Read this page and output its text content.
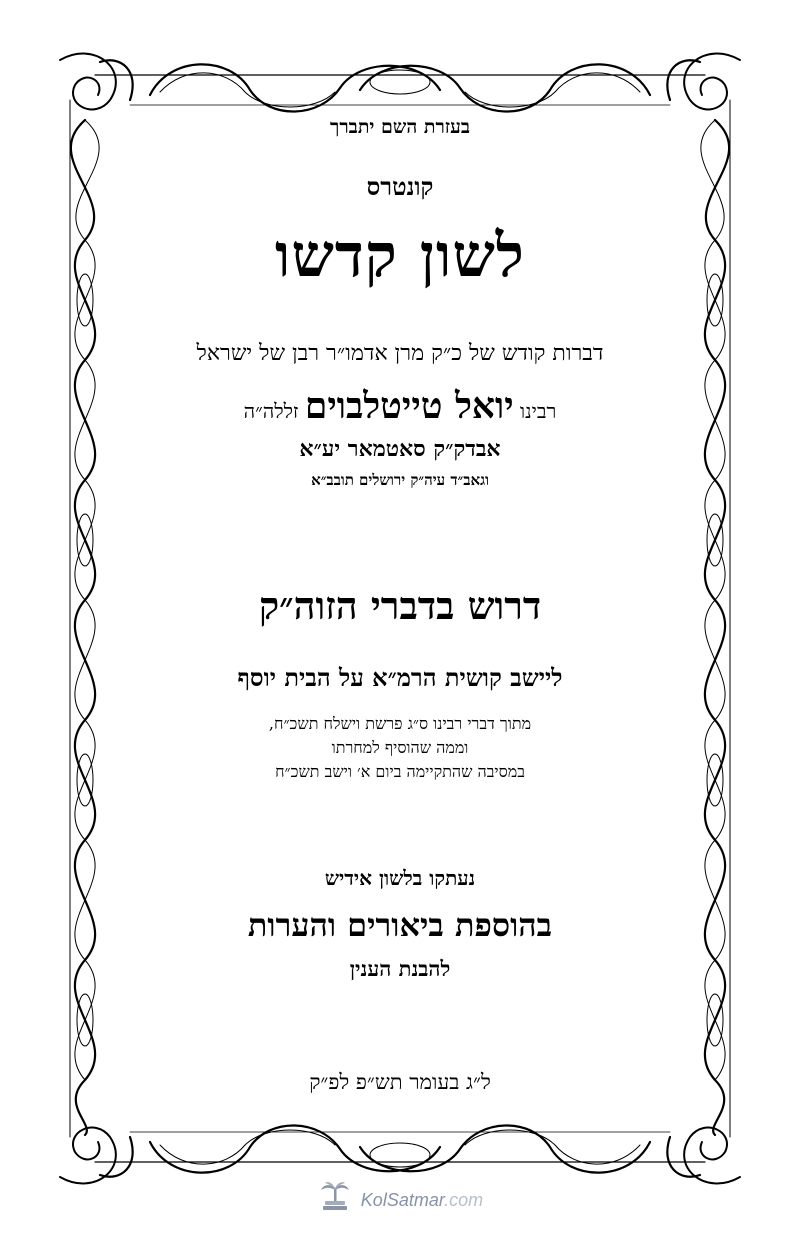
בעזרת השם יתברך
קונטרס
לשון קדשו
דברות קודש של כ״ק מרן אדמו״ר רבן של ישראל
רבינו יואל טייטלבוים זללה״ה
אבדק״ק סאטמאר יע״א
וגאב״ד עיה״ק ירושלים תובב״א
דרוש בדברי הזוה״ק
ליישב קושית הרמ״א על הבית יוסף
מתוך דברי רבינו ס״ג פרשת וישלח תשכ״ח,
וממה שהוסיף למחרתו
במסיבה שהתקיימה ביום א׳ וישב תשכ״ח
נעתקו בלשון אידיש
בהוספת ביאורים והערות
להבנת הענין
ל״ג בעומר תש״פ לפ״ק
KolSatmar.com
